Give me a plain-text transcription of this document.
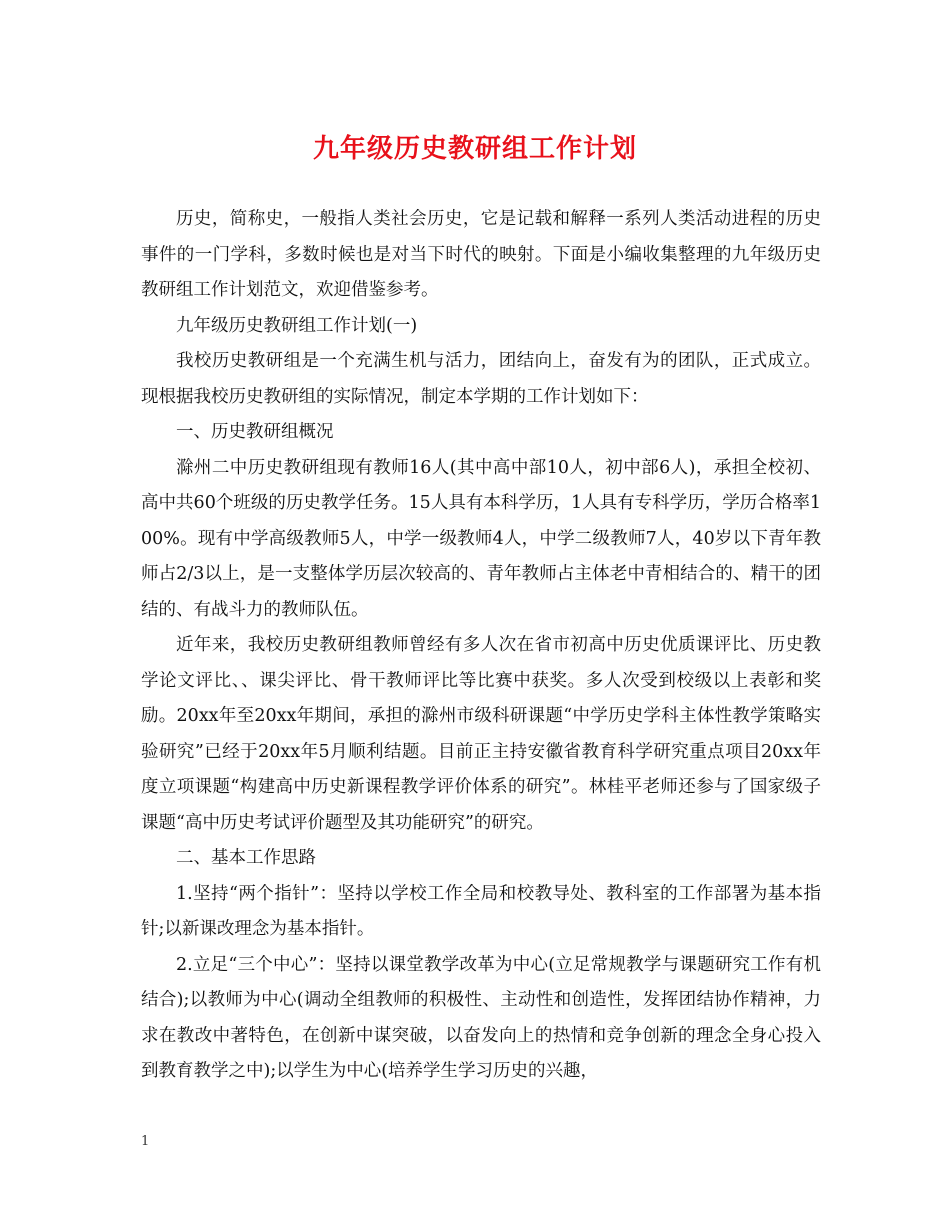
九年级历史教研组工作计划

历史，简称史，一般指人类社会历史，它是记载和解释一系列人类活动进程的历史事件的一门学科，多数时候也是对当下时代的映射。下面是小编收集整理的九年级历史教研组工作计划范文，欢迎借鉴参考。

九年级历史教研组工作计划(一)

我校历史教研组是一个充满生机与活力，团结向上，奋发有为的团队，正式成立。现根据我校历史教研组的实际情况，制定本学期的工作计划如下：

一、历史教研组概况

滁州二中历史教研组现有教师16人(其中高中部10人，初中部6人)，承担全校初、高中共60个班级的历史教学任务。15人具有本科学历，1人具有专科学历，学历合格率100%。现有中学高级教师5人，中学一级教师4人，中学二级教师7人，40岁以下青年教师占2/3以上，是一支整体学历层次较高的、青年教师占主体老中青相结合的、精干的团结的、有战斗力的教师队伍。

近年来，我校历史教研组教师曾经有多人次在省市初高中历史优质课评比、历史教学论文评比、、课尖评比、骨干教师评比等比赛中获奖。多人次受到校级以上表彰和奖励。20xx年至20xx年期间，承担的滁州市级科研课题“中学历史学科主体性教学策略实验研究”已经于20xx年5月顺利结题。目前正主持安徽省教育科学研究重点项目20xx年度立项课题“构建高中历史新课程教学评价体系的研究”。林桂平老师还参与了国家级子课题“高中历史考试评价题型及其功能研究”的研究。

二、基本工作思路

1.坚持“两个指针”：坚持以学校工作全局和校教导处、教科室的工作部署为基本指针;以新课改理念为基本指针。

2.立足“三个中心”：坚持以课堂教学改革为中心(立足常规教学与课题研究工作有机结合);以教师为中心(调动全组教师的积极性、主动性和创造性，发挥团结协作精神，力求在教改中著特色，在创新中谋突破，以奋发向上的热情和竞争创新的理念全身心投入到教育教学之中);以学生为中心(培养学生学习历史的兴趣，

1
